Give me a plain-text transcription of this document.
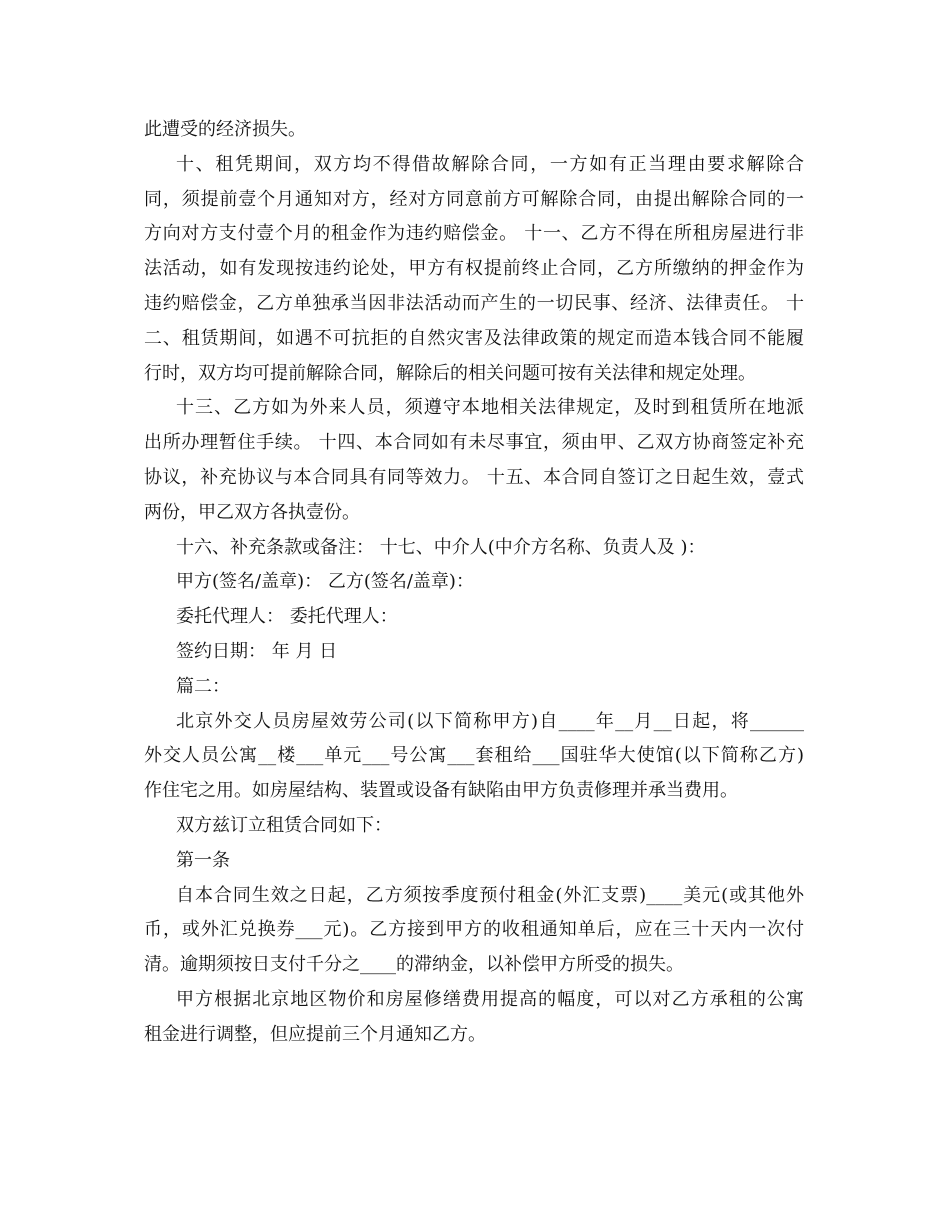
此遭受的经济损失。
十、租凭期间，双方均不得借故解除合同，一方如有正当理由要求解除合
同，须提前壹个月通知对方，经对方同意前方可解除合同，由提出解除合同的一
方向对方支付壹个月的租金作为违约赔偿金。 十一、乙方不得在所租房屋进行非
法活动，如有发现按违约论处，甲方有权提前终止合同，乙方所缴纳的押金作为
违约赔偿金，乙方单独承当因非法活动而产生的一切民事、经济、法律责任。 十
二、租赁期间，如遇不可抗拒的自然灾害及法律政策的规定而造本钱合同不能履
行时，双方均可提前解除合同，解除后的相关问题可按有关法律和规定处理。
十三、乙方如为外来人员，须遵守本地相关法律规定，及时到租赁所在地派
出所办理暂住手续。 十四、本合同如有未尽事宜，须由甲、乙双方协商签定补充
协议，补充协议与本合同具有同等效力。 十五、本合同自签订之日起生效，壹式
两份，甲乙双方各执壹份。
十六、补充条款或备注： 十七、中介人(中介方名称、负责人及 )：
甲方(签名/盖章)： 乙方(签名/盖章)：
委托代理人： 委托代理人：
签约日期： 年 月 日
篇二：
北京外交人员房屋效劳公司(以下简称甲方)自____年__月__日起，将______
外交人员公寓__楼___单元___号公寓___套租给___国驻华大使馆(以下简称乙方)
作住宅之用。如房屋结构、装置或设备有缺陷由甲方负责修理并承当费用。
双方兹订立租赁合同如下：
第一条
自本合同生效之日起，乙方须按季度预付租金(外汇支票)____美元(或其他外
币，或外汇兑换券___元)。乙方接到甲方的收租通知单后，应在三十天内一次付
清。逾期须按日支付千分之____的滞纳金，以补偿甲方所受的损失。
甲方根据北京地区物价和房屋修缮费用提高的幅度，可以对乙方承租的公寓
租金进行调整，但应提前三个月通知乙方。
